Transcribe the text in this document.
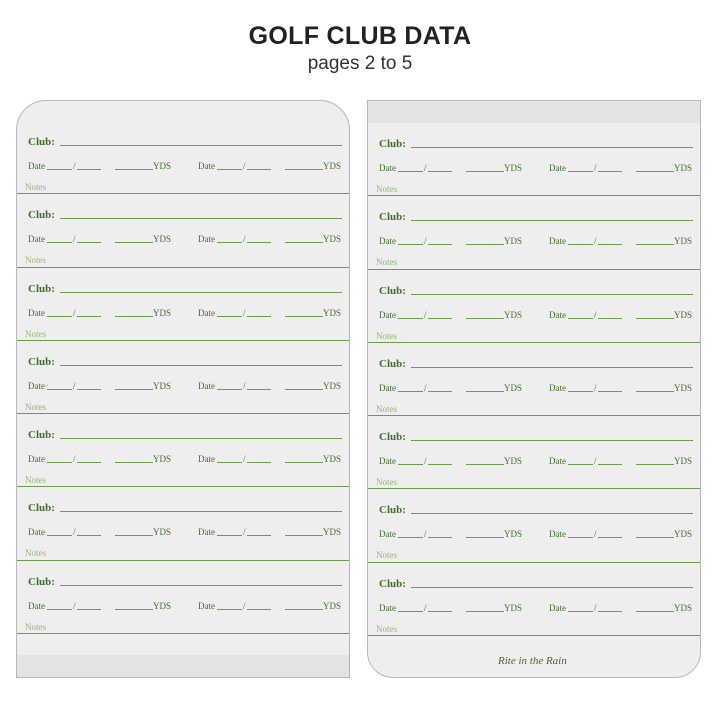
GOLF CLUB DATA
pages 2 to 5
Club:
Date	/	YDS	Date	/	YDS
Notes
Club:
Date	/	YDS	Date	/	YDS
Notes
Club:
Date	/	YDS	Date	/	YDS
Notes
Club:
Date	/	YDS	Date	/	YDS
Notes
Club:
Date	/	YDS	Date	/	YDS
Notes
Club:
Date	/	YDS	Date	/	YDS
Notes
Club:
Date	/	YDS	Date	/	YDS
Notes
Club:
Date	/	YDS	Date	/	YDS
Notes
Club:
Date	/	YDS	Date	/	YDS
Notes
Club:
Date	/	YDS	Date	/	YDS
Notes
Club:
Date	/	YDS	Date	/	YDS
Notes
Club:
Date	/	YDS	Date	/	YDS
Notes
Club:
Date	/	YDS	Date	/	YDS
Notes
Club:
Date	/	YDS	Date	/	YDS
Notes
Rite in the Rain
